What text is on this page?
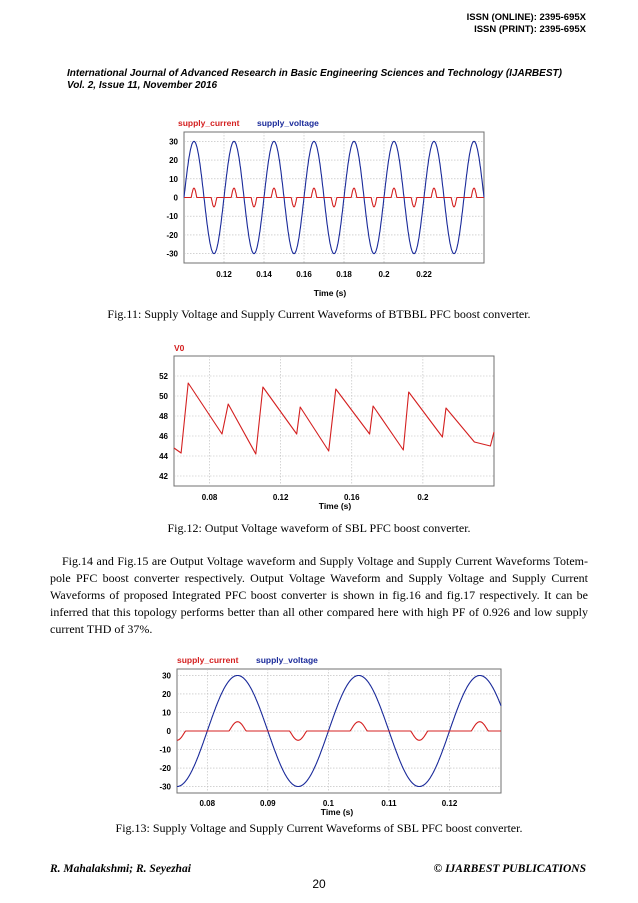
ISSN (ONLINE): 2395-695X
ISSN (PRINT): 2395-695X
International Journal of Advanced Research in Basic Engineering Sciences and Technology (IJARBEST)
Vol. 2, Issue 11, November 2016
0.12	0.14	0.16	0.18	0.2	0.22
30
20
10
0
-10
-20
-30
supply_current supply_voltage
Time (s)
Fig.11: Supply Voltage and Supply Current Waveforms of BTBBL PFC boost converter.
0.08	0.12	0.16	0.2
52
50
48
46
44
42
V0
Time (s)
Fig.12: Output Voltage waveform of SBL PFC boost converter.

Fig.14 and Fig.15 are Output Voltage waveform and Supply Voltage and Supply Current Waveforms Totem-pole PFC boost converter respectively. Output Voltage Waveform and Supply Voltage and Supply Current Waveforms of proposed Integrated PFC boost converter is shown in fig.16 and fig.17 respectively. It can be inferred that this topology performs better than all other compared here with high PF of 0.926 and low supply current THD of 37%.

0.08	0.09	0.1	0.11	0.12
30
20
10
0
-10
-20
-30
supply_current supply_voltage
Time (s)
Fig.13: Supply Voltage and Supply Current Waveforms of SBL PFC boost converter.
R. Mahalakshmi; R. Seyezhai	© IJARBEST PUBLICATIONS
20
